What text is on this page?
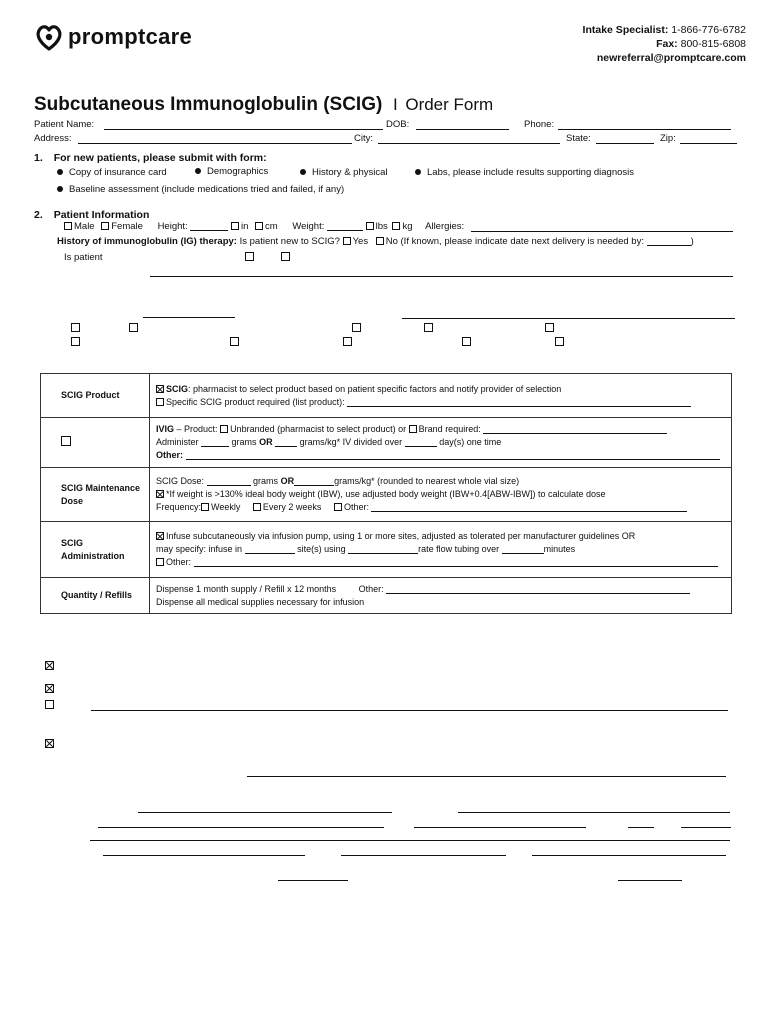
promptcare	Intake Specialist: 1-866-776-6782
Fax: 800-815-6808
newreferral@promptcare.com
Subcutaneous Immunoglobulin (SCIG) I Order Form
Patient Name:	DOB:	Phone:
Address:	City:	State:	Zip:
1. For new patients, please submit with form:
Copy of insurance card	Demographics	History & physical	Labs, please include results supporting diagnosis
Baseline assessment (include medications tried and failed, if any)
2. Patient Information
Male Female Height:	in cm Weight:	lbs kg Allergies:
History of immunoglobulin (IG) therapy: Is patient new to SCIG? Yes No (If known, please indicate date next delivery is needed by:	)
Is patient
SCIG Product	SCIG: pharmacist to select product based on patient specific factors and notify provider of selection
Specific SCIG product required (list product):

	IVIG – Product: Unbranded (pharmacist to select product) or Brand required:
Administer grams OR grams/kg* IV divided over day(s) one time
Other:

SCIG Maintenance Dose	SCIG Dose: grams OR grams/kg* (rounded to nearest whole vial size)
*If weight is >130% ideal body weight (IBW), use adjusted body weight (IBW+0.4[ABW-IBW]) to calculate dose
Frequency: Weekly Every 2 weeks Other:

SCIG Administration	Infuse subcutaneously via infusion pump, using 1 or more sites, adjusted as tolerated per manufacturer guidelines OR
may specify: infuse in site(s) using rate flow tubing over minutes
Other:

Quantity / Refills	Dispense 1 month supply / Refill x 12 months Other:
Dispense all medical supplies necessary for infusion
